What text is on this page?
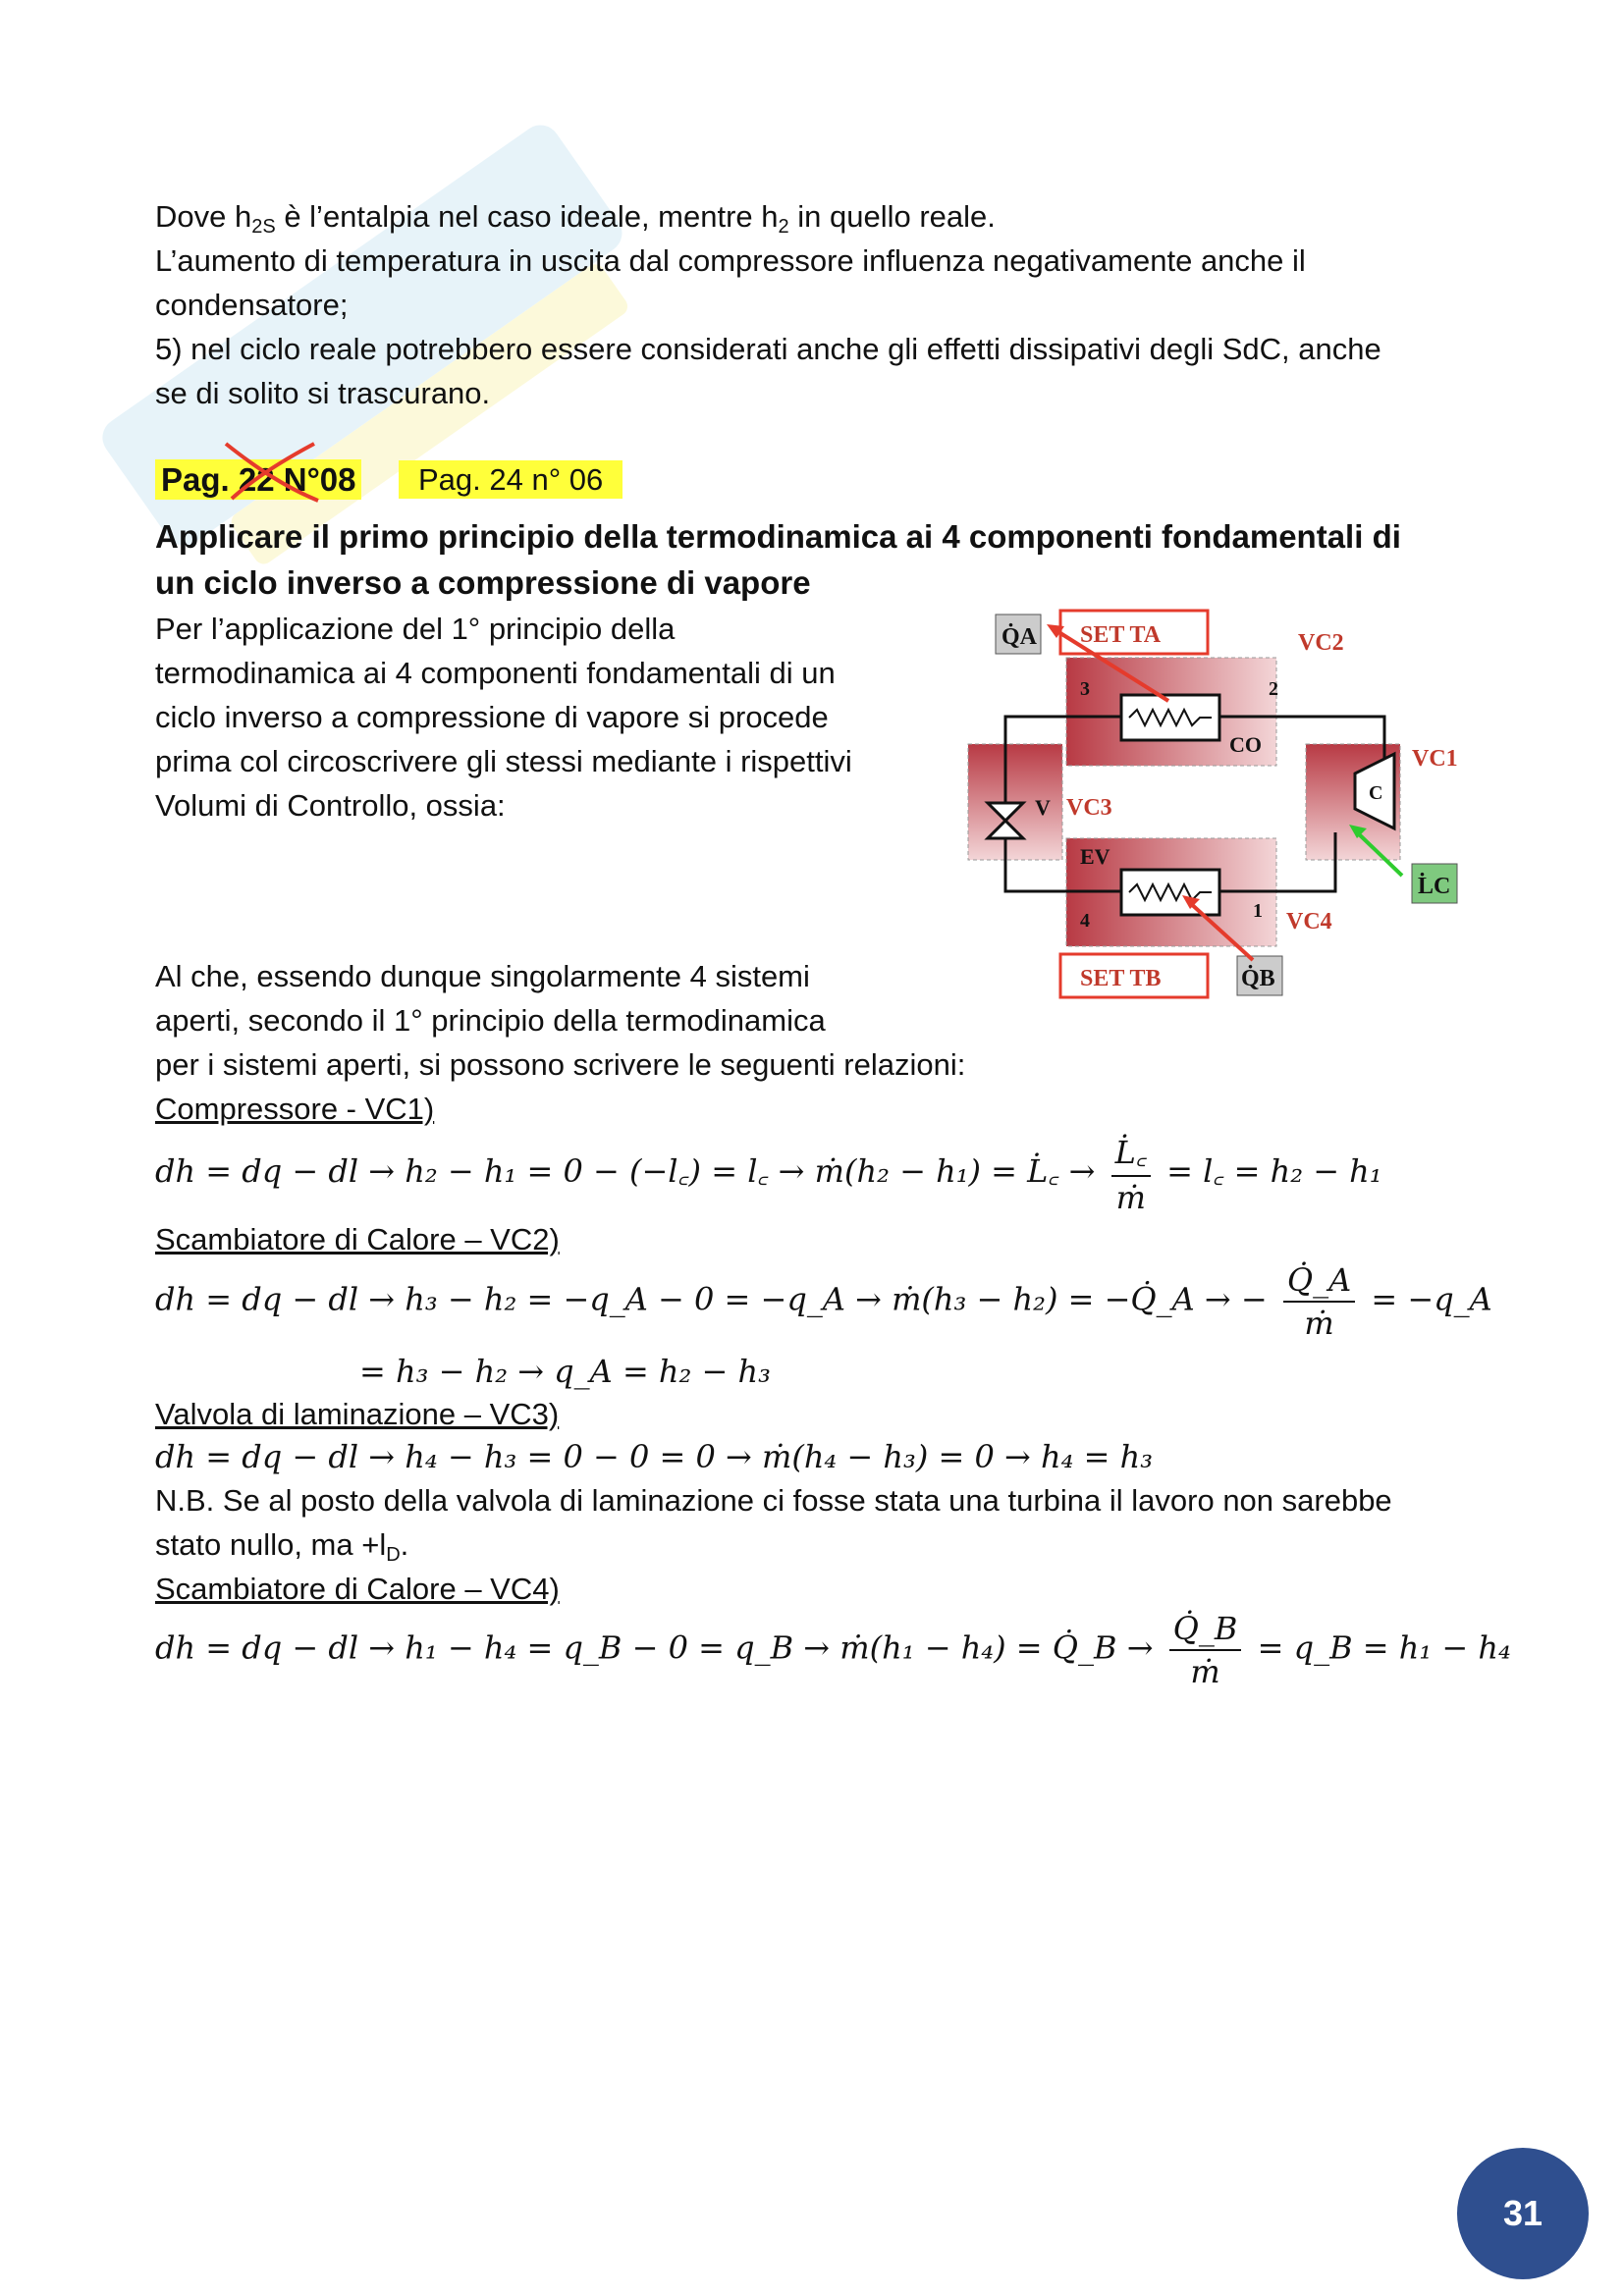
Dove $h_{2S}$ è l’entalpia nel caso ideale, mentre $h_2$ in quello reale.
L’aumento di temperatura in uscita dal compressore influenza negativamente anche il
condensatore;
5) nel ciclo reale potrebbero essere considerati anche gli effetti dissipativi degli SdC, anche
se di solito si trascurano.
Pag. 22 N°08	Pag. 24 n° 06
Applicare il primo principio della termodinamica ai 4 componenti fondamentali di
un ciclo inverso a compressione di vapore
Per l’applicazione del 1° principio della
termodinamica ai 4 componenti fondamentali di un
ciclo inverso a compressione di vapore si procede
prima col circoscrivere gli stessi mediante i rispettivi
Volumi di Controllo, ossia:
SET TA
Q̇A
SET TB	Q̇B
L̇C
VC2
VC1
VC3
VC4
CO
EV
C
V
3	2
1
4
Al che, essendo dunque singolarmente 4 sistemi
aperti, secondo il 1° principio della termodinamica
per i sistemi aperti, si possono scrivere le seguenti relazioni:
Compressore - VC1)
dh = dq − dl → h₂ − h₁ = 0 − (−l꜀) = l꜀ → ṁ(h₂ − h₁) = L̇꜀ → $\frac{L̇꜀}{\text{ṁ}}$ = l꜀ = h₂ − h₁
Scambiatore di Calore – VC2)
dh = dq − dl → h₃ − h₂ = −q_A − 0 = −q_A → ṁ(h₃ − h₂) = −Q̇_A → − $\frac{Q̇\_A}{\text{ṁ}}$ = −q_A
= h₃ − h₂ → q_A = h₂ − h₃
Valvola di laminazione – VC3)
dh = dq − dl → h₄ − h₃ = 0 − 0 = 0 → ṁ(h₄ − h₃) = 0 → h₄ = h₃
N.B. Se al posto della valvola di laminazione ci fosse stata una turbina il lavoro non sarebbe
stato nullo, ma $+l_D$.
Scambiatore di Calore – VC4)
dh = dq − dl → h₁ − h₄ = q_B − 0 = q_B → ṁ(h₁ − h₄) = Q̇_B → $\frac{Q̇\_B}{\text{ṁ}}$ = q_B = h₁ − h₄
31
